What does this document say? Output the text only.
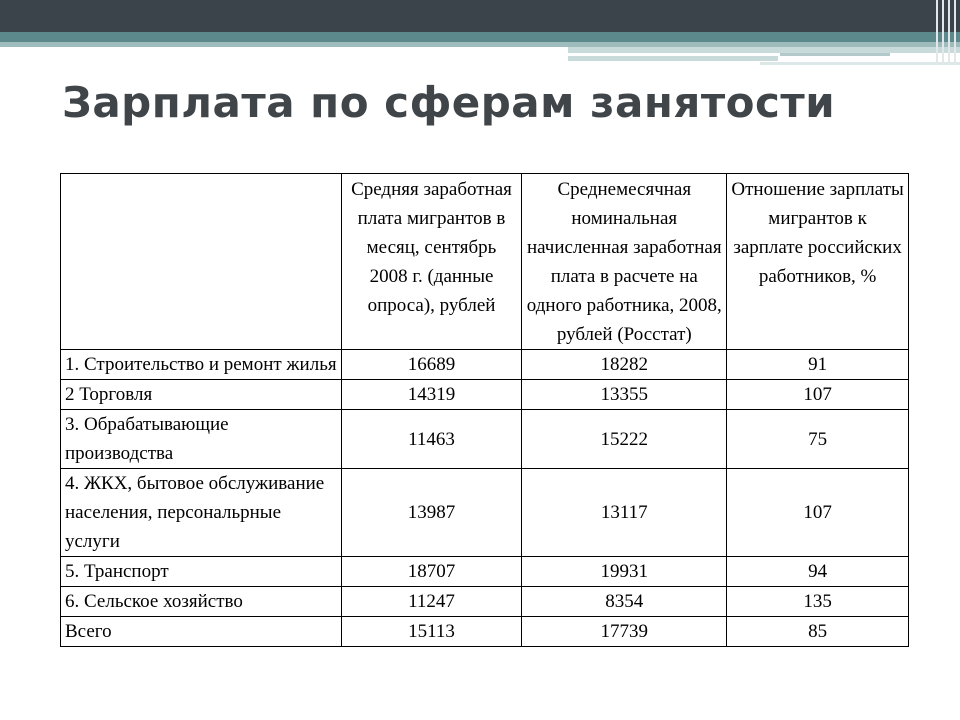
Зарплата по сферам занятости
	Средняя заработная плата мигрантов в месяц, сентябрь 2008 г. (данные опроса), рублей	Среднемесячная номинальная начисленная заработная плата в расчете на одного работника, 2008, рублей (Росстат)	Отношение зарплаты мигрантов к зарплате российских работников, %
1. Строительство и ремонт жилья	16689	18282	91
2 Торговля	14319	13355	107
3. Обрабатывающие производства	11463	15222	75
4. ЖКХ, бытовое обслуживание населения, персональрные услуги	13987	13117	107
5. Транспорт	18707	19931	94
6. Сельское хозяйство	11247	8354	135
Всего	15113	17739	85
